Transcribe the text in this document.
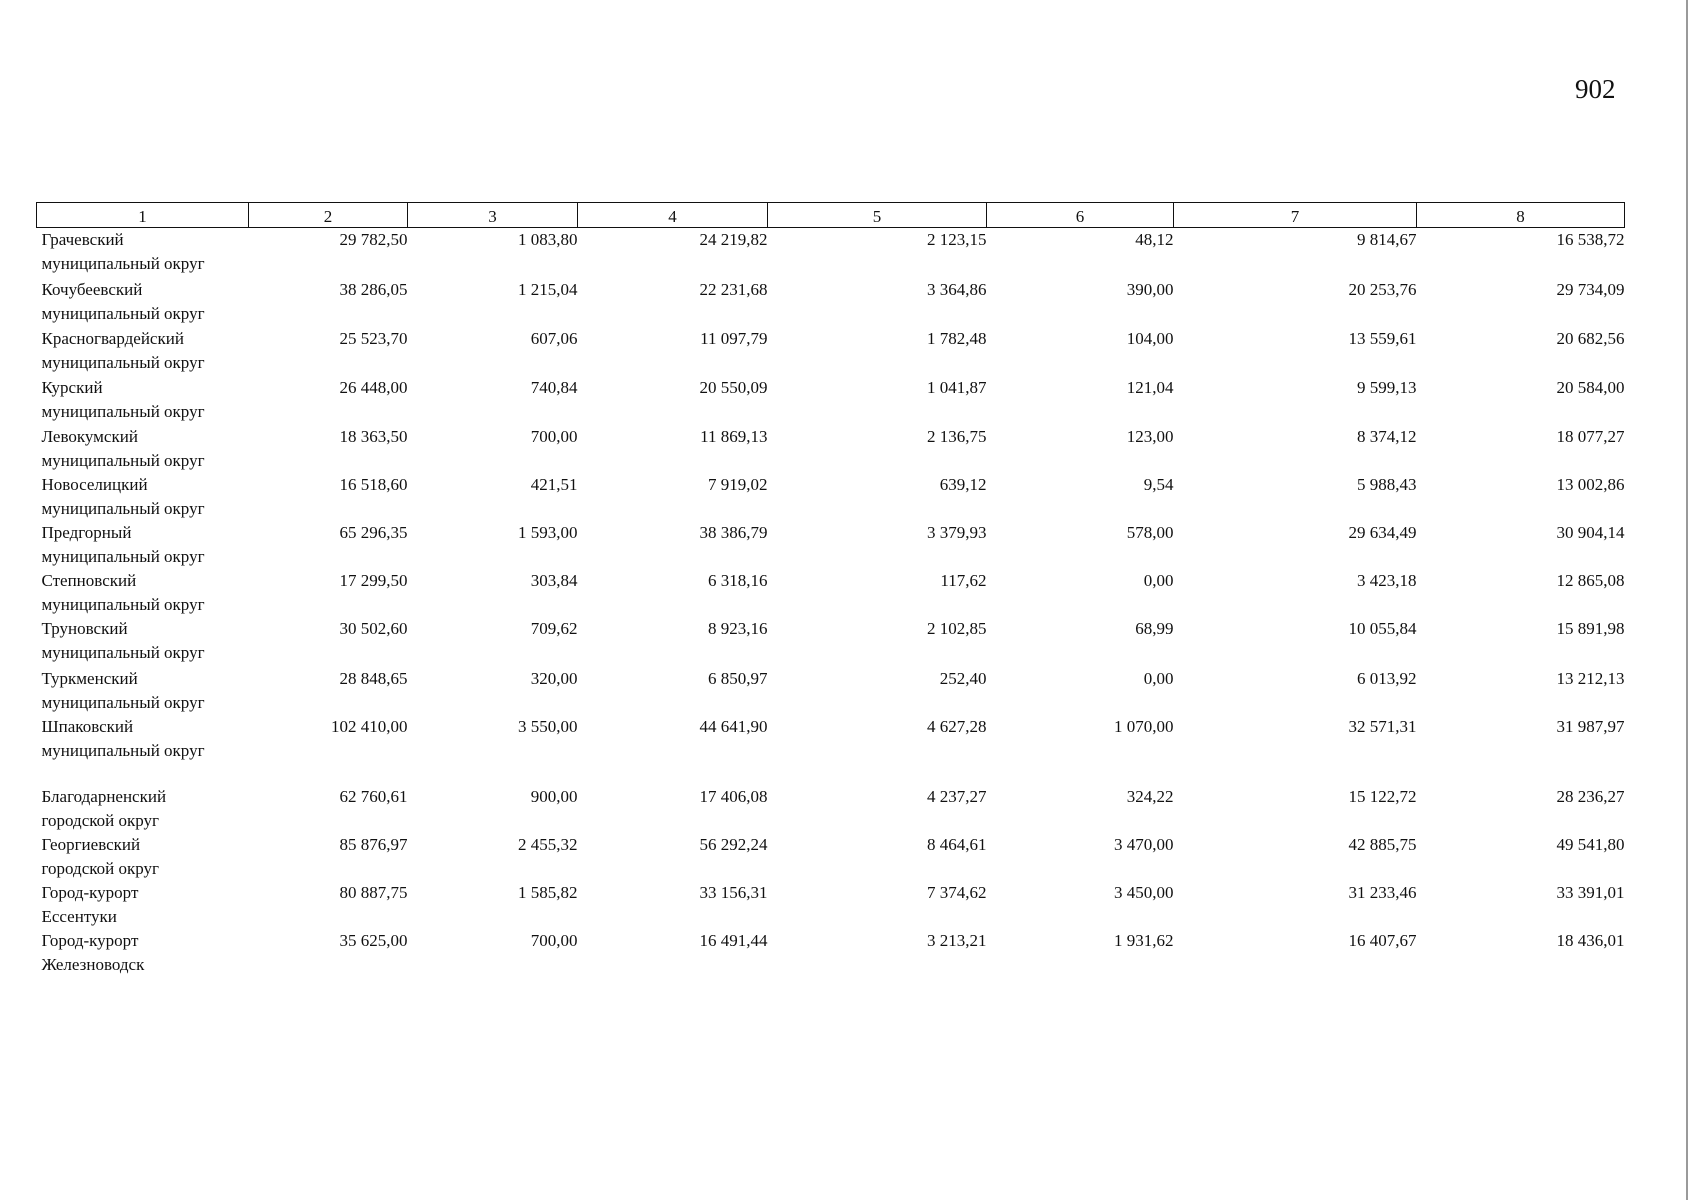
902
1	2	3	4	5	6	7	8

Грачевский
муниципальный округ	29 782,50	1 083,80	24 219,82	2 123,15	48,12	9 814,67	16 538,72

Кочубеевский
муниципальный округ	38 286,05	1 215,04	22 231,68	3 364,86	390,00	20 253,76	29 734,09

Красногвардейский
муниципальный округ	25 523,70	607,06	11 097,79	1 782,48	104,00	13 559,61	20 682,56

Курский
муниципальный округ	26 448,00	740,84	20 550,09	1 041,87	121,04	9 599,13	20 584,00

Левокумский
муниципальный округ	18 363,50	700,00	11 869,13	2 136,75	123,00	8 374,12	18 077,27

Новоселицкий
муниципальный округ	16 518,60	421,51	7 919,02	639,12	9,54	5 988,43	13 002,86

Предгорный
муниципальный округ	65 296,35	1 593,00	38 386,79	3 379,93	578,00	29 634,49	30 904,14

Степновский
муниципальный округ	17 299,50	303,84	6 318,16	117,62	0,00	3 423,18	12 865,08

Труновский
муниципальный округ	30 502,60	709,62	8 923,16	2 102,85	68,99	10 055,84	15 891,98

Туркменский
муниципальный округ	28 848,65	320,00	6 850,97	252,40	0,00	6 013,92	13 212,13

Шпаковский
муниципальный округ	102 410,00	3 550,00	44 641,90	4 627,28	1 070,00	32 571,31	31 987,97

Благодарненский
городской округ	62 760,61	900,00	17 406,08	4 237,27	324,22	15 122,72	28 236,27

Георгиевский
городской округ	85 876,97	2 455,32	56 292,24	8 464,61	3 470,00	42 885,75	49 541,80

Город-курорт
Ессентуки	80 887,75	1 585,82	33 156,31	7 374,62	3 450,00	31 233,46	33 391,01

Город-курорт
Железноводск	35 625,00	700,00	16 491,44	3 213,21	1 931,62	16 407,67	18 436,01
